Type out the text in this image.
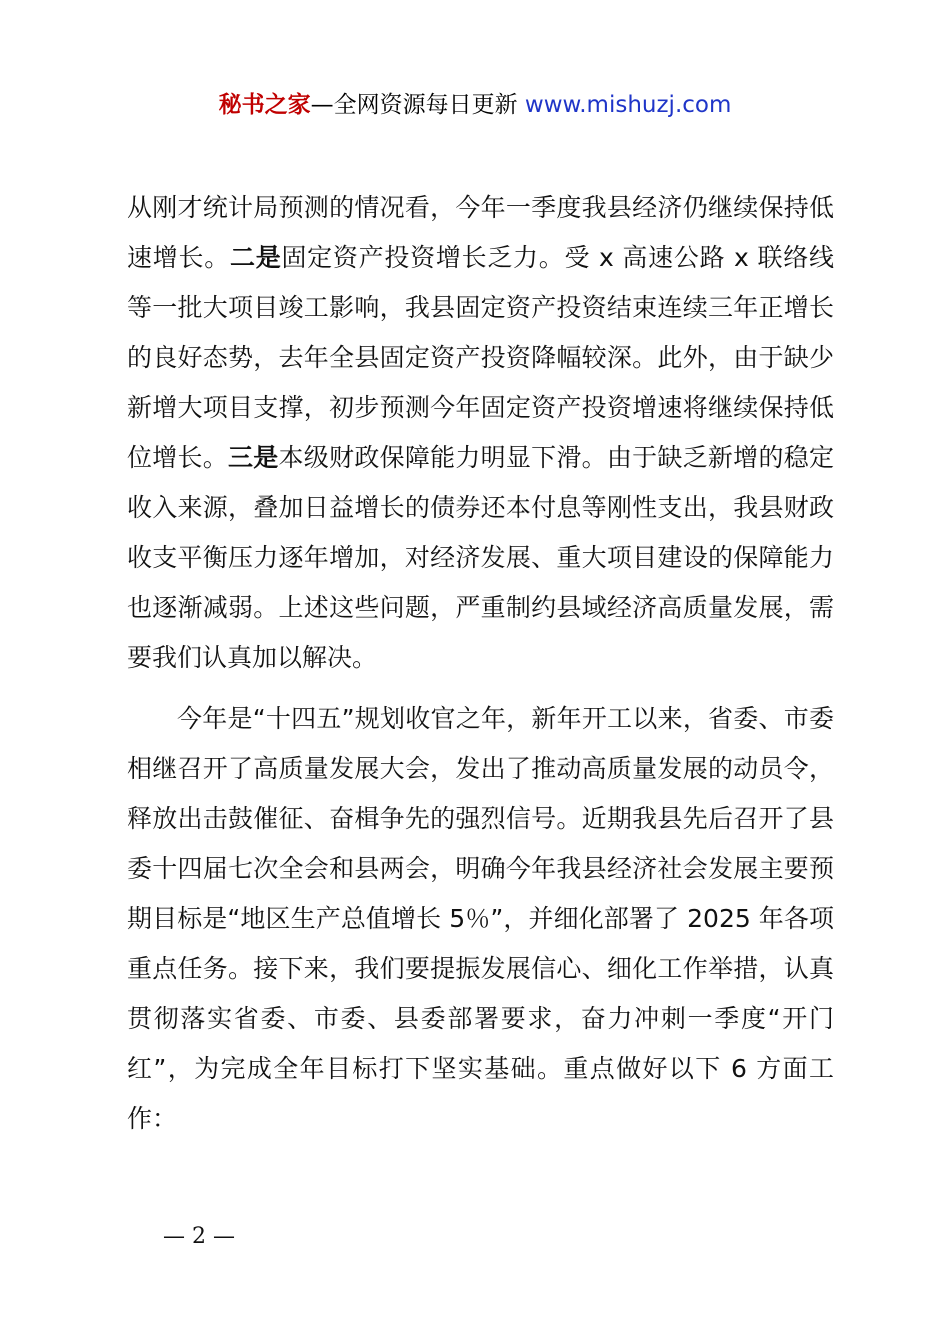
秘书之家—全网资源每日更新 www.mishuzj.com

从刚才统计局预测的情况看，今年一季度我县经济仍继续保持低速增长。二是固定资产投资增长乏力。受 x 高速公路 x 联络线等一批大项目竣工影响，我县固定资产投资结束连续三年正增长的良好态势，去年全县固定资产投资降幅较深。此外，由于缺少新增大项目支撑，初步预测今年固定资产投资增速将继续保持低位增长。三是本级财政保障能力明显下滑。由于缺乏新增的稳定收入来源，叠加日益增长的债券还本付息等刚性支出，我县财政收支平衡压力逐年增加，对经济发展、重大项目建设的保障能力也逐渐减弱。上述这些问题，严重制约县域经济高质量发展，需要我们认真加以解决。

今年是“十四五”规划收官之年，新年开工以来，省委、市委相继召开了高质量发展大会，发出了推动高质量发展的动员令，释放出击鼓催征、奋楫争先的强烈信号。近期我县先后召开了县委十四届七次全会和县两会，明确今年我县经济社会发展主要预期目标是“地区生产总值增长 5％”，并细化部署了 2025 年各项重点任务。接下来，我们要提振发展信心、细化工作举措，认真贯彻落实省委、市委、县委部署要求，奋力冲刺一季度“开门红”，为完成全年目标打下坚实基础。重点做好以下 6 方面工作：

— 2 —
